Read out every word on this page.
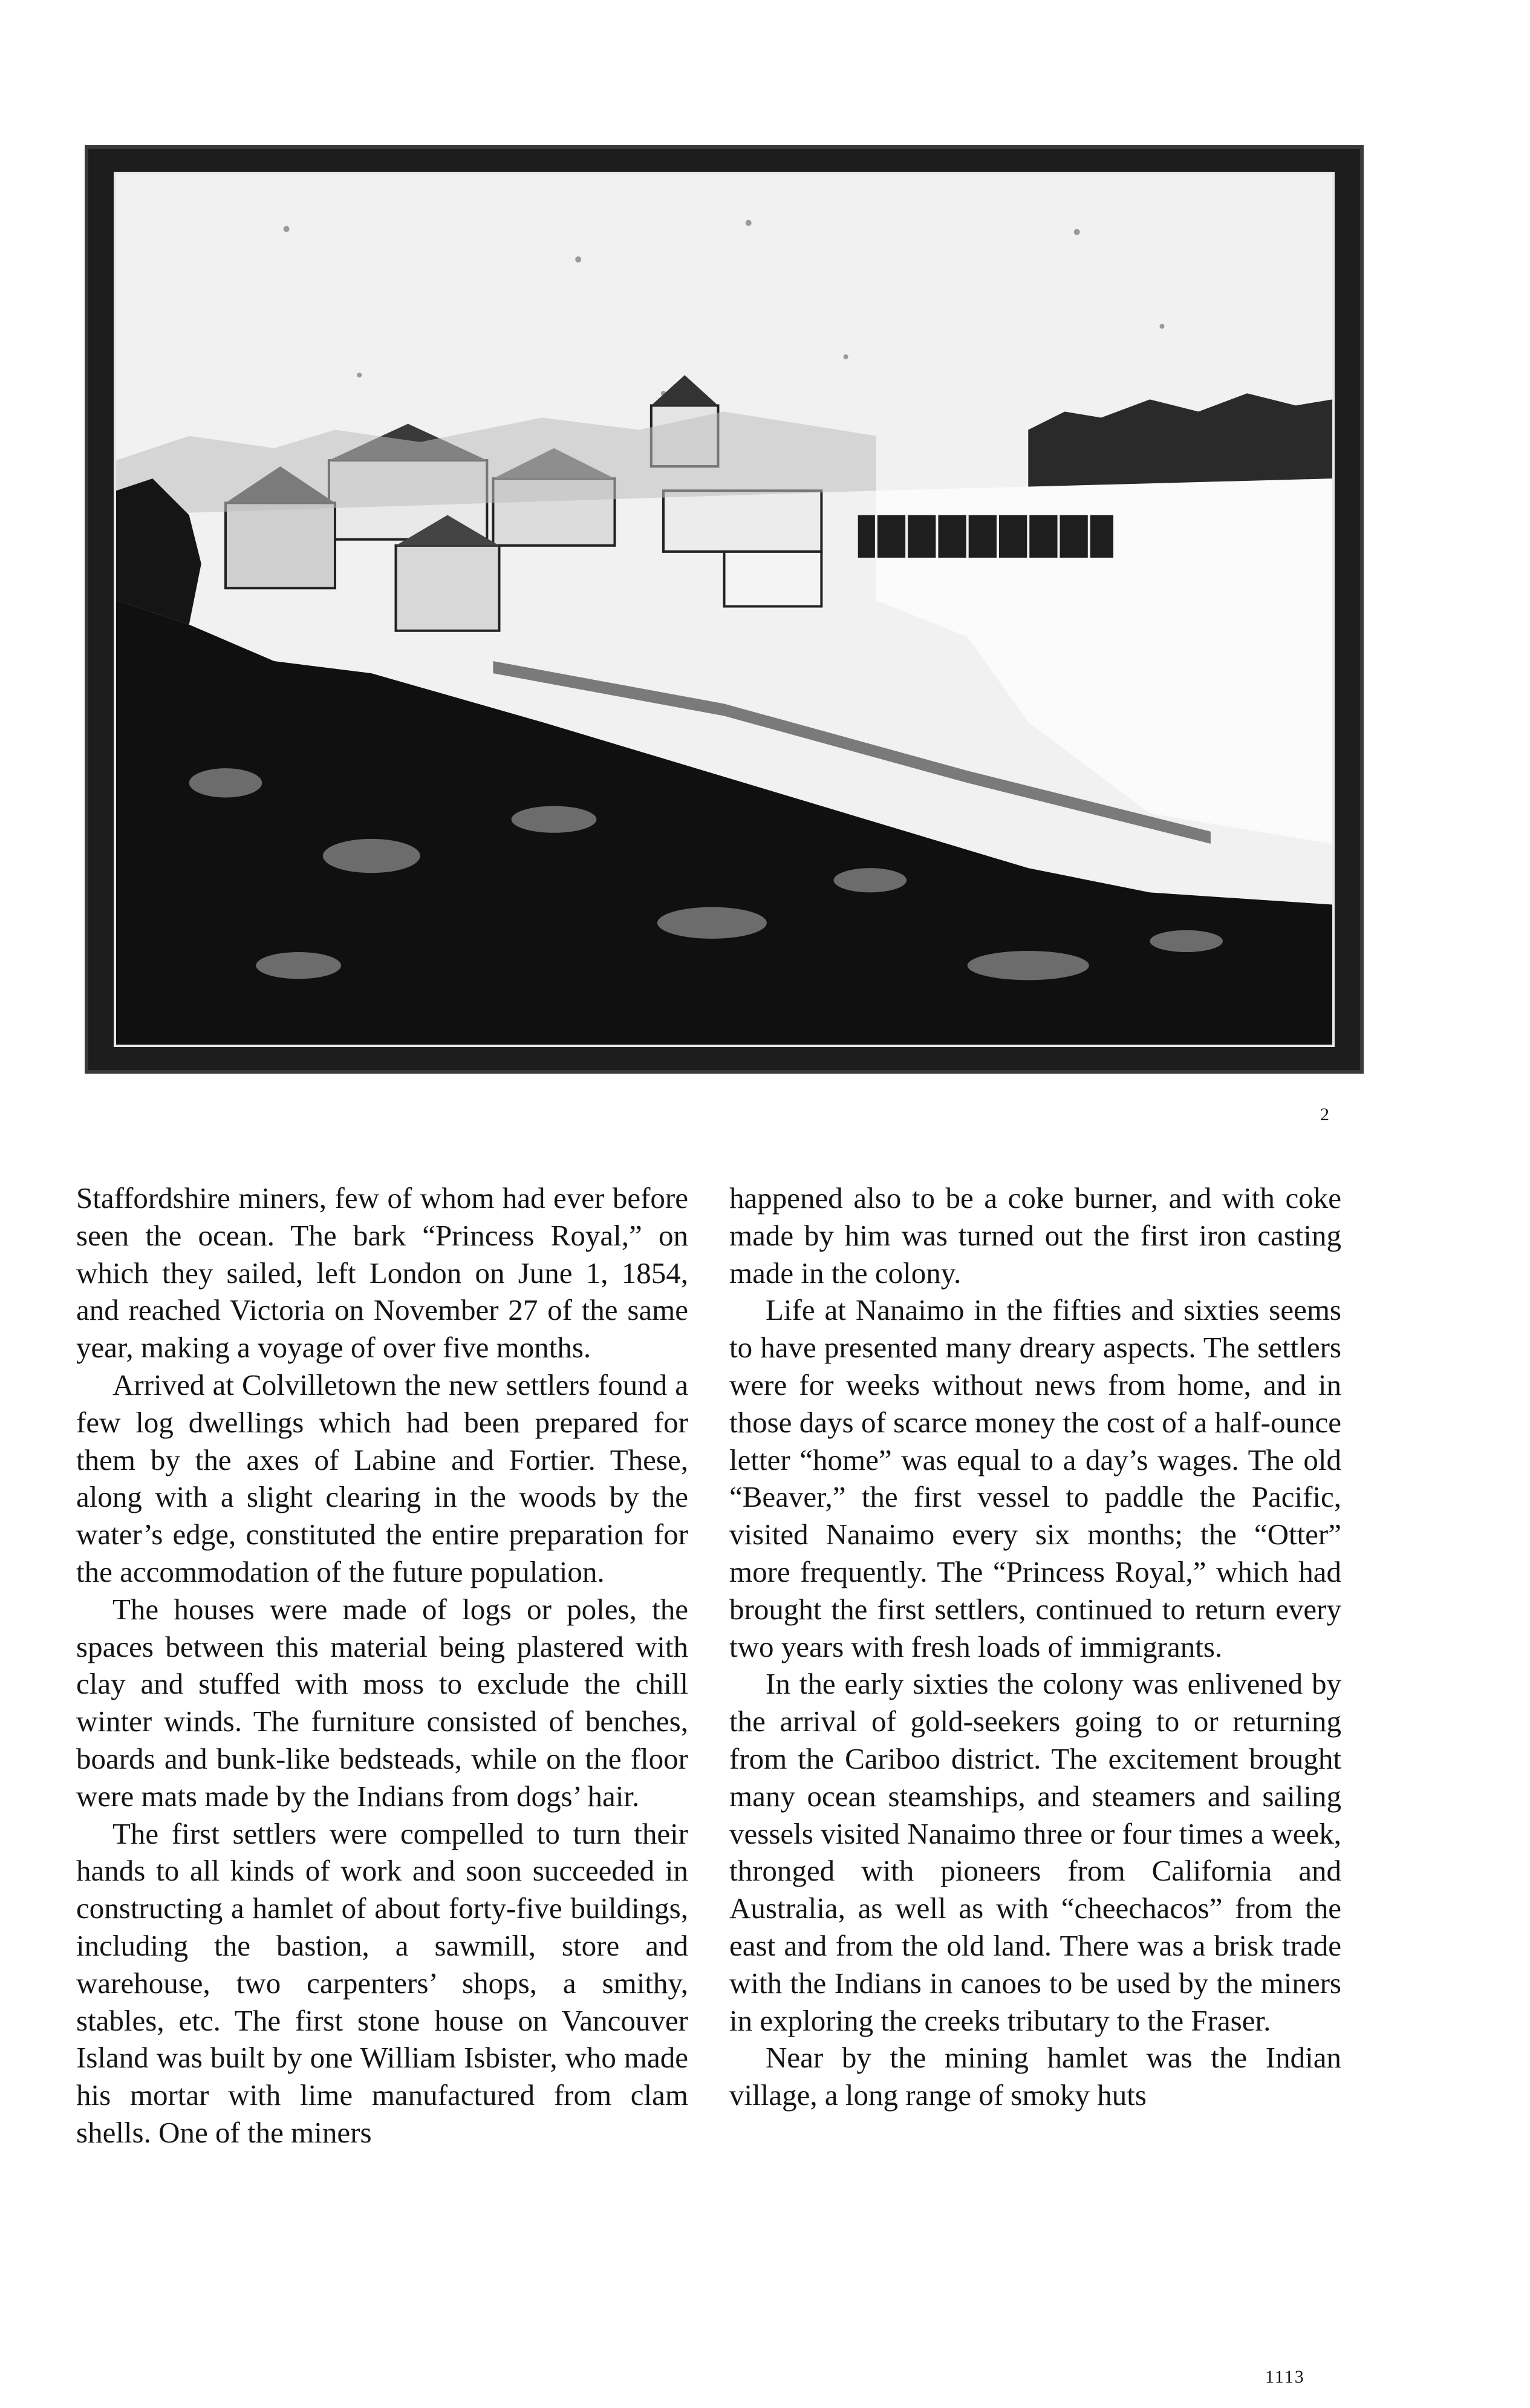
2

Staffordshire miners, few of whom had ever before seen the ocean. The bark “Princess Royal,” on which they sailed, left London on June 1, 1854, and reached Victoria on November 27 of the same year, making a voyage of over five months.

Arrived at Colvilletown the new settlers found a few log dwellings which had been prepared for them by the axes of Labine and Fortier. These, along with a slight clearing in the woods by the water’s edge, constituted the entire preparation for the accommodation of the future population.

The houses were made of logs or poles, the spaces between this material being plastered with clay and stuffed with moss to exclude the chill winter winds. The furniture consisted of benches, boards and bunk-like bedsteads, while on the floor were mats made by the Indians from dogs’ hair.

The first settlers were compelled to turn their hands to all kinds of work and soon succeeded in constructing a hamlet of about forty-five buildings, including the bastion, a sawmill, store and warehouse, two carpenters’ shops, a smithy, stables, etc. The first stone house on Vancouver Island was built by one William Isbister, who made his mortar with lime manufactured from clam shells. One of the miners

happened also to be a coke burner, and with coke made by him was turned out the first iron casting made in the colony.

Life at Nanaimo in the fifties and sixties seems to have presented many dreary aspects. The settlers were for weeks without news from home, and in those days of scarce money the cost of a half-ounce letter “home” was equal to a day’s wages. The old “Beaver,” the first vessel to paddle the Pacific, visited Nanaimo every six months; the “Otter” more frequently. The “Princess Royal,” which had brought the first settlers, continued to return every two years with fresh loads of immigrants.

In the early sixties the colony was enlivened by the arrival of gold-seekers going to or returning from the Cariboo district. The excitement brought many ocean steamships, and steamers and sailing vessels visited Nanaimo three or four times a week, thronged with pioneers from California and Australia, as well as with “cheechacos” from the east and from the old land. There was a brisk trade with the Indians in canoes to be used by the miners in exploring the creeks tributary to the Fraser.

Near by the mining hamlet was the Indian village, a long range of smoky huts

1113
